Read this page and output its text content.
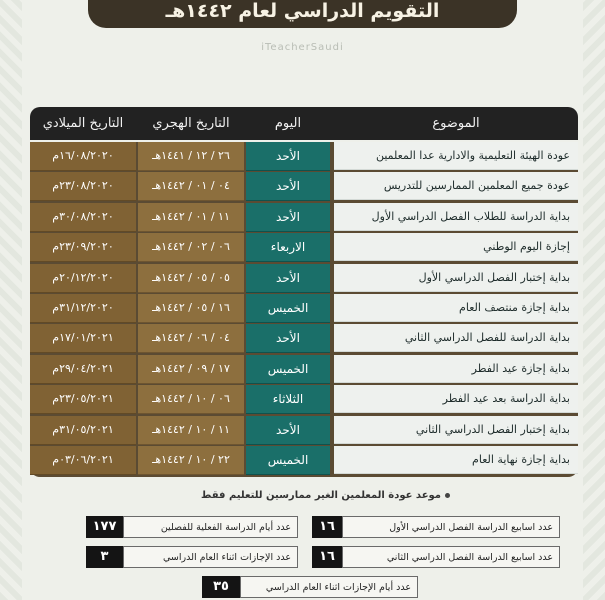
التقويم الدراسي لعام ١٤٤٢هـ
iTeacherSaudi
الموضوع
اليوم
التاريخ الهجري
التاريخ الميلادي
عودة الهيئة التعليمية والادارية عدا المعلمين
الأحد
٢٦ / ١٢ / ١٤٤١هـ
١٦/٠٨/٢٠٢٠م
عودة جميع المعلمين الممارسين للتدريس
الأحد
٠٤ / ٠١ / ١٤٤٢هـ
٢٣/٠٨/٢٠٢٠م
بداية الدراسة للطلاب الفصل الدراسي الأول
الأحد
١١ / ٠١ / ١٤٤٢هـ
٣٠/٠٨/٢٠٢٠م
إجازة اليوم الوطني
الاربعاء
٠٦ / ٠٢ / ١٤٤٢هـ
٢٣/٠٩/٢٠٢٠م
بداية إختبار الفصل الدراسي الأول
الأحد
٠٥ / ٠٥ / ١٤٤٢هـ
٢٠/١٢/٢٠٢٠م
بداية إجازة منتصف العام
الخميس
١٦ / ٠٥ / ١٤٤٢هـ
٣١/١٢/٢٠٢٠م
بداية الدراسة للفصل الدراسي الثاني
الأحد
٠٤ / ٠٦ / ١٤٤٢هـ
١٧/٠١/٢٠٢١م
بداية إجازة عيد الفطر
الخميس
١٧ / ٠٩ / ١٤٤٢هـ
٢٩/٠٤/٢٠٢١م
بداية الدراسة بعد عيد الفطر
الثلاثاء
٠٦ / ١٠ / ١٤٤٢هـ
٢٣/٠٥/٢٠٢١م
بداية إختبار الفصل الدراسي الثاني
الأحد
١١ / ١٠ / ١٤٤٢هـ
٣١/٠٥/٢٠٢١م
بداية إجازة نهاية العام
الخميس
٢٢ / ١٠ / ١٤٤٢هـ
٠٣/٠٦/٢٠٢١م
موعد عودة المعلمين الغير ممارسين للتعليم فقط
عدد اسابيع الدراسة الفصل الدراسي الأول
١٦
عدد اسابيع الدراسة الفصل الدراسي الثاني
١٦
عدد أيام الدراسة الفعلية للفصلين
١٧٧
عدد الإجازات اثناء العام الدراسي
٣
عدد أيام الإجازات اثناء العام الدراسي
٣٥
